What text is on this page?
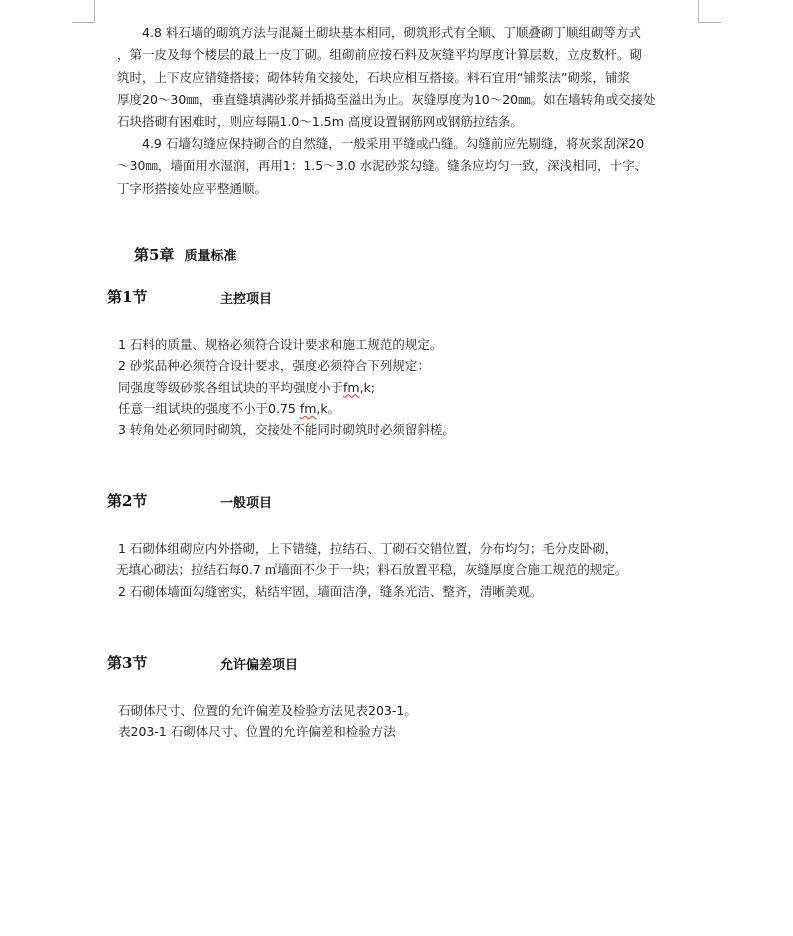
4.8 料石墙的砌筑方法与混凝土砌块基本相同，砌筑形式有全顺、丁顺叠砌丁顺组砌等方式

，第一皮及每个楼层的最上一皮丁砌。组砌前应按石料及灰缝平均厚度计算层数，立皮数杆。砌

筑时，上下皮应错缝搭接；砌体转角交接处，石块应相互搭接。料石宜用“铺浆法”砌浆，铺浆

厚度20～30㎜，垂直缝填满砂浆并插捣至溢出为止。灰缝厚度为10～20㎜。如在墙转角或交接处

石块搭砌有困难时，则应每隔1.0～1.5m 高度设置钢筋网或钢筋拉结条。

4.9 石墙勾缝应保持砌合的自然缝，一般采用平缝或凸缝。勾缝前应先剔缝，将灰浆刮深20

～30㎜，墙面用水湿润，再用1：1.5～3.0 水泥砂浆勾缝。缝条应均匀一致，深浅相同，十字、

丁字形搭接处应平整通顺。

第5章 质量标准
第1节	主控项目

1 石料的质量、规格必须符合设计要求和施工规范的规定。

2 砂浆品种必须符合设计要求，强度必须符合下列规定：

同强度等级砂浆各组试块的平均强度小于fm,k;

任意一组试块的强度不小于0.75 fm,k。

3 转角处必须同时砌筑，交接处不能同时砌筑时必须留斜槎。

第2节	一般项目

1 石砌体组砌应内外搭砌，上下错缝，拉结石、丁砌石交错位置，分布均匀；毛分皮卧砌，

无填心砌法；拉结石每0.7 ㎡墙面不少于一块；料石放置平稳，灰缝厚度合施工规范的规定。

2 石砌体墙面勾缝密实，粘结牢固，墙面洁净，缝条光洁、整齐，清晰美观。

第3节	允许偏差项目

石砌体尺寸、位置的允许偏差及检验方法见表203-1。

表203-1 石砌体尺寸、位置的允许偏差和检验方法
